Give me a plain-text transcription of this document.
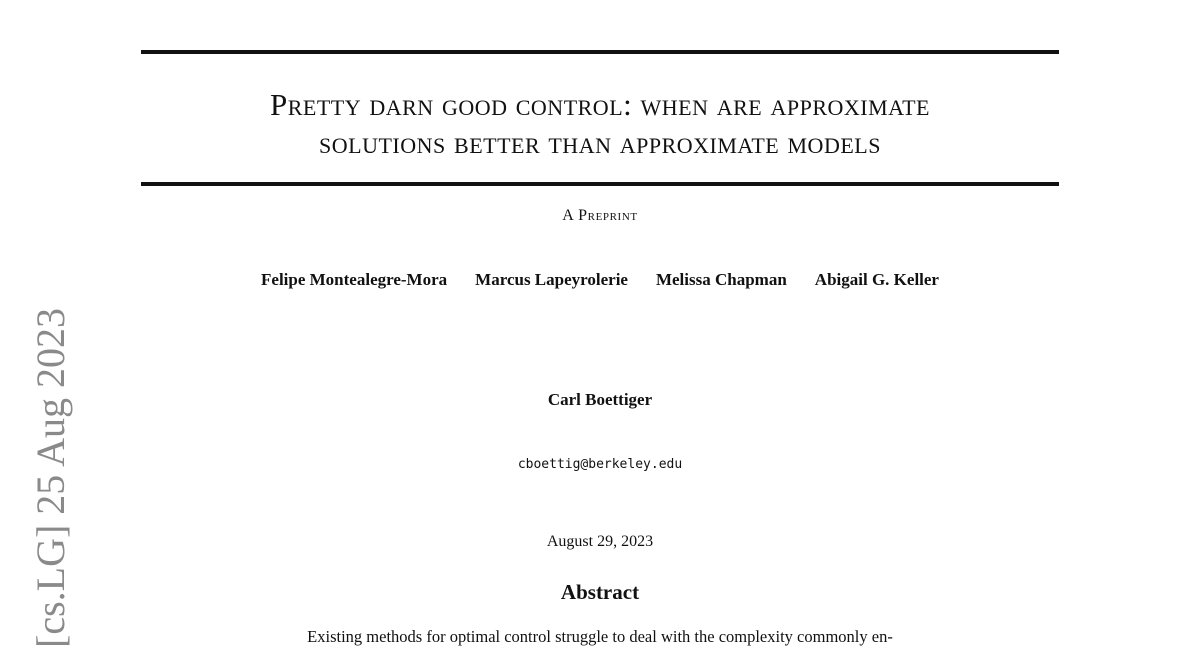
[cs.LG] 25 Aug 2023
Pretty darn good control: when are approximate
solutions better than approximate models
A Preprint
Felipe Montealegre-Mora Marcus Lapeyrolerie Melissa Chapman Abigail G. Keller
Carl Boettiger
cboettig@berkeley.edu
August 29, 2023
Abstract
Existing methods for optimal control struggle to deal with the complexity commonly en-
